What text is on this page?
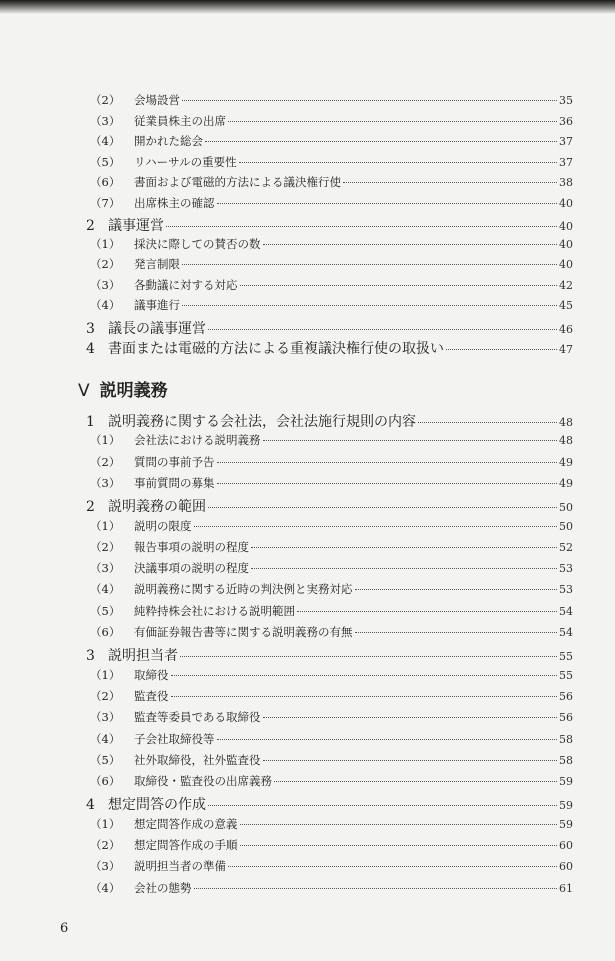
V 説明義務
（2）	会場設営	35
（3）	従業員株主の出席	36
（4）	開かれた総会	37
（5）	リハーサルの重要性	37
（6）	書面および電磁的方法による議決権行使	38
（7）	出席株主の確認	40
2 議事運営	40
（1）	採決に際しての賛否の数	40
（2）	発言制限	40
（3）	各動議に対する対応	42
（4）	議事進行	45
3 議長の議事運営	46
4 書面または電磁的方法による重複議決権行使の取扱い	47
1 説明義務に関する会社法，会社法施行規則の内容	48
（1）	会社法における説明義務	48
（2）	質問の事前予告	49
（3）	事前質問の募集	49
2 説明義務の範囲	50
（1）	説明の限度	50
（2）	報告事項の説明の程度	52
（3）	決議事項の説明の程度	53
（4）	説明義務に関する近時の判決例と実務対応	53
（5）	純粋持株会社における説明範囲	54
（6）	有価証券報告書等に関する説明義務の有無	54
3 説明担当者	55
（1）	取締役	55
（2）	監査役	56
（3）	監査等委員である取締役	56
（4）	子会社取締役等	58
（5）	社外取締役，社外監査役	58
（6）	取締役・監査役の出席義務	59
4 想定問答の作成	59
（1）	想定問答作成の意義	59
（2）	想定問答作成の手順	60
（3）	説明担当者の準備	60
（4）	会社の態勢	61
6
